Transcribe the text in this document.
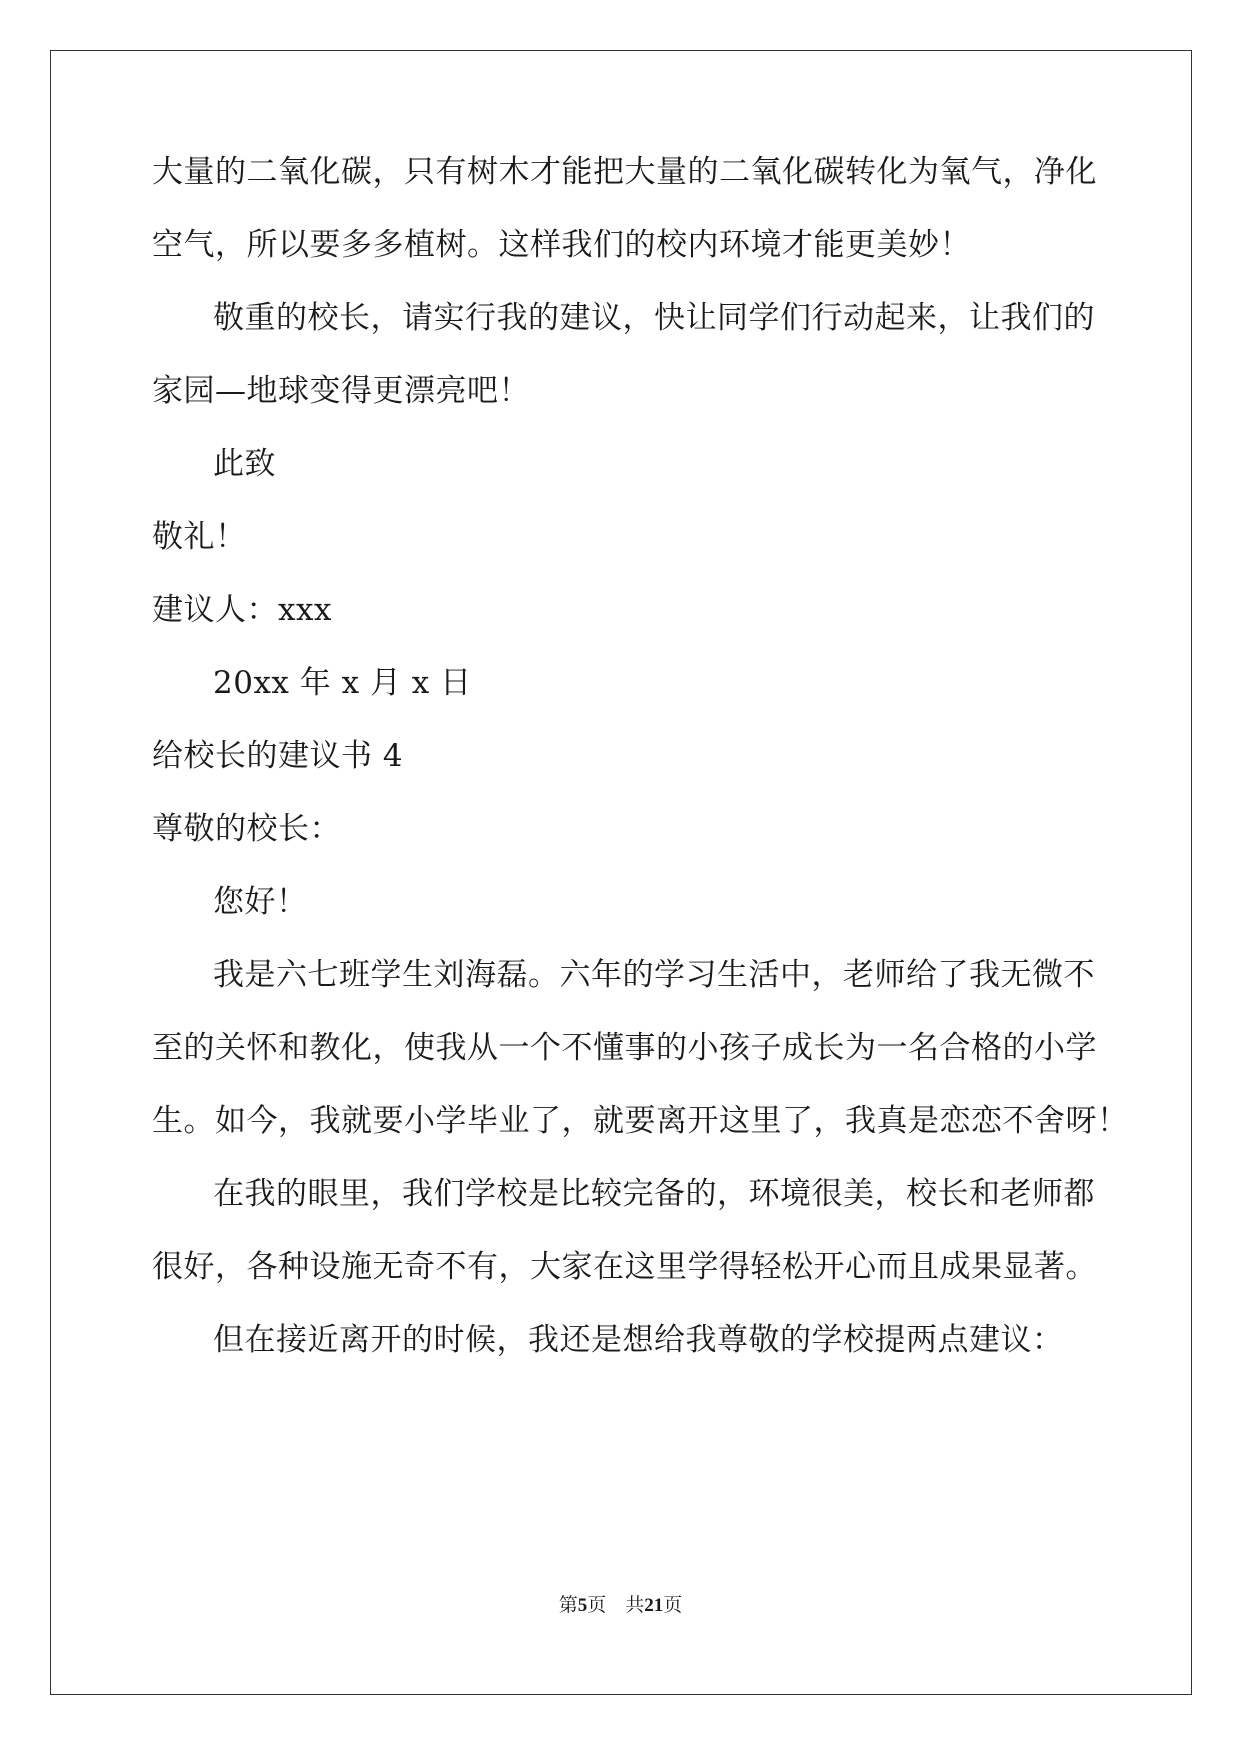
大量的二氧化碳，只有树木才能把大量的二氧化碳转化为氧气，净化
空气，所以要多多植树。这样我们的校内环境才能更美妙！
敬重的校长，请实行我的建议，快让同学们行动起来，让我们的
家园—地球变得更漂亮吧！
此致
敬礼！
建议人：xxx
20xx 年 x 月 x 日
给校长的建议书 4
尊敬的校长：
您好！
我是六七班学生刘海磊。六年的学习生活中，老师给了我无微不
至的关怀和教化，使我从一个不懂事的小孩子成长为一名合格的小学
生。如今，我就要小学毕业了，就要离开这里了，我真是恋恋不舍呀！
在我的眼里，我们学校是比较完备的，环境很美，校长和老师都
很好，各种设施无奇不有，大家在这里学得轻松开心而且成果显著。
但在接近离开的时候，我还是想给我尊敬的学校提两点建议：
第5页 共21页
